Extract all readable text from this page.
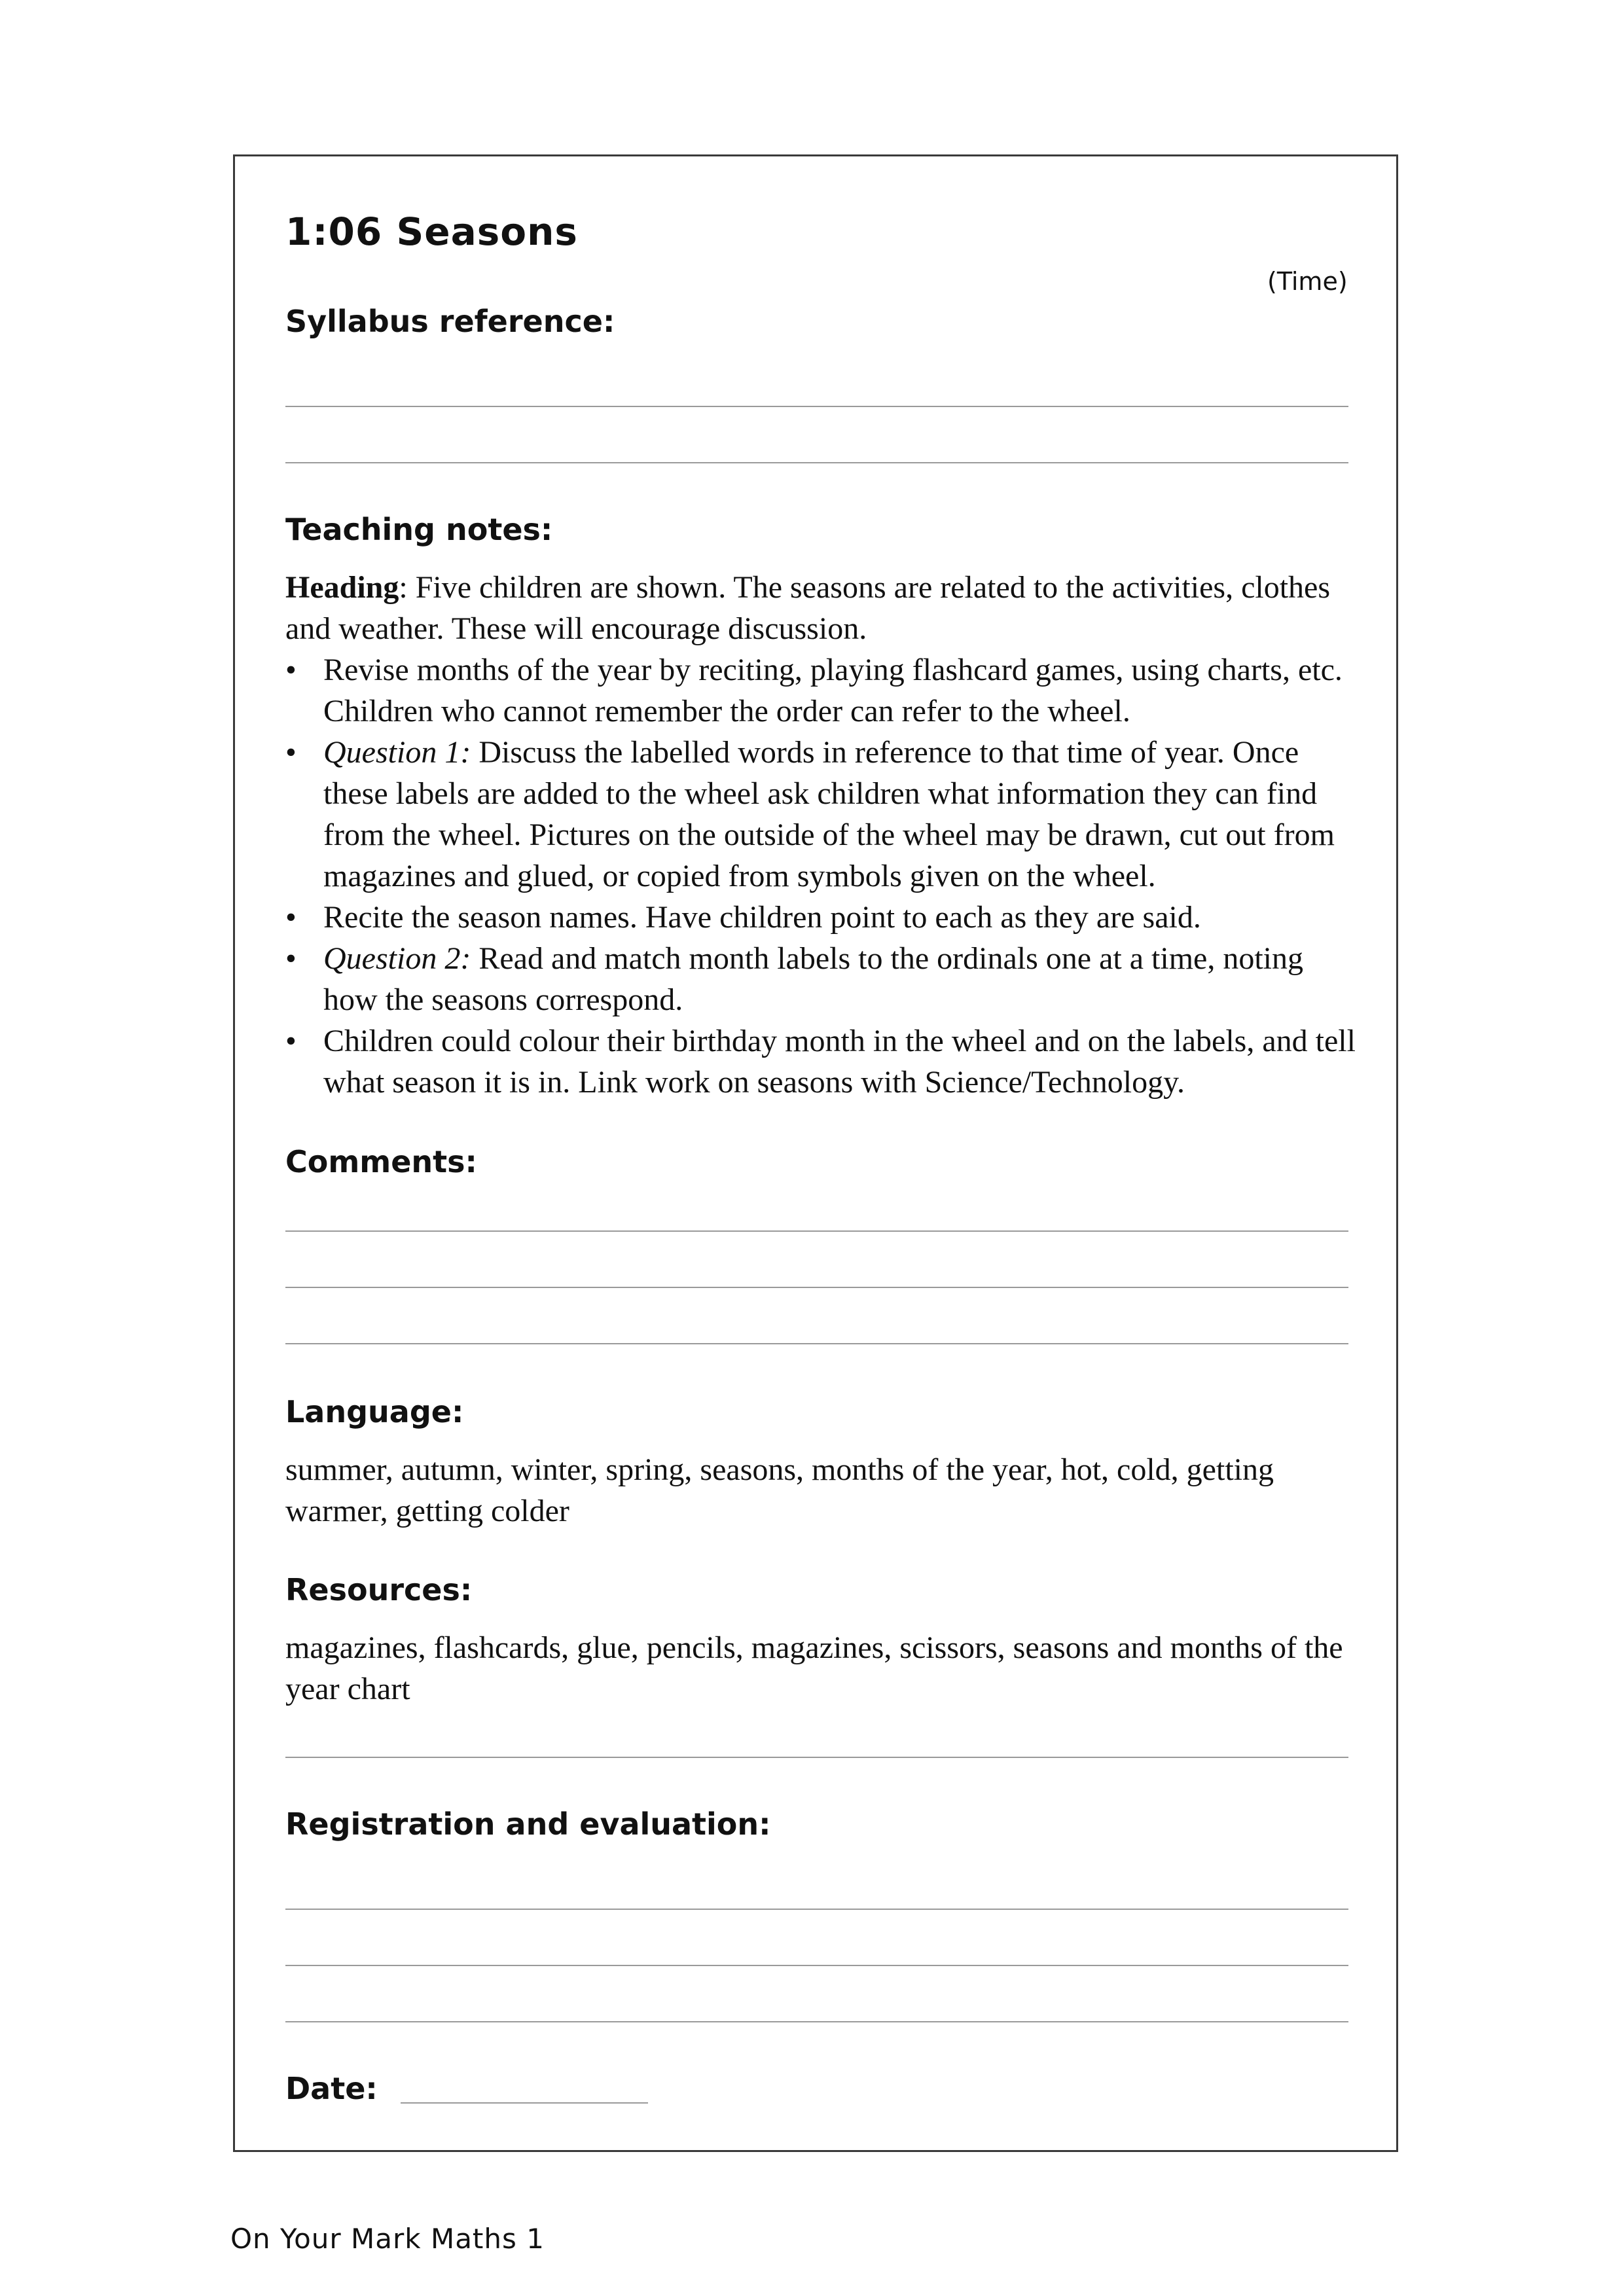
1:06 Seasons
(Time)
Syllabus reference:
Teaching notes:
Heading: Five children are shown. The seasons are related to the activities, clothes and weather. These will encourage discussion.
• Revise months of the year by reciting, playing flashcard games, using charts, etc. Children who cannot remember the order can refer to the wheel.
• Question 1: Discuss the labelled words in reference to that time of year. Once these labels are added to the wheel ask children what information they can find from the wheel. Pictures on the outside of the wheel may be drawn, cut out from magazines and glued, or copied from symbols given on the wheel.
• Recite the season names. Have children point to each as they are said.
• Question 2: Read and match month labels to the ordinals one at a time, noting how the seasons correspond.
• Children could colour their birthday month in the wheel and on the labels, and tell what season it is in. Link work on seasons with Science/Technology.
Comments:
Language:
summer, autumn, winter, spring, seasons, months of the year, hot, cold, getting warmer, getting colder
Resources:
magazines, flashcards, glue, pencils, magazines, scissors, seasons and months of the year chart
Registration and evaluation:
Date:
On Your Mark Maths 1
